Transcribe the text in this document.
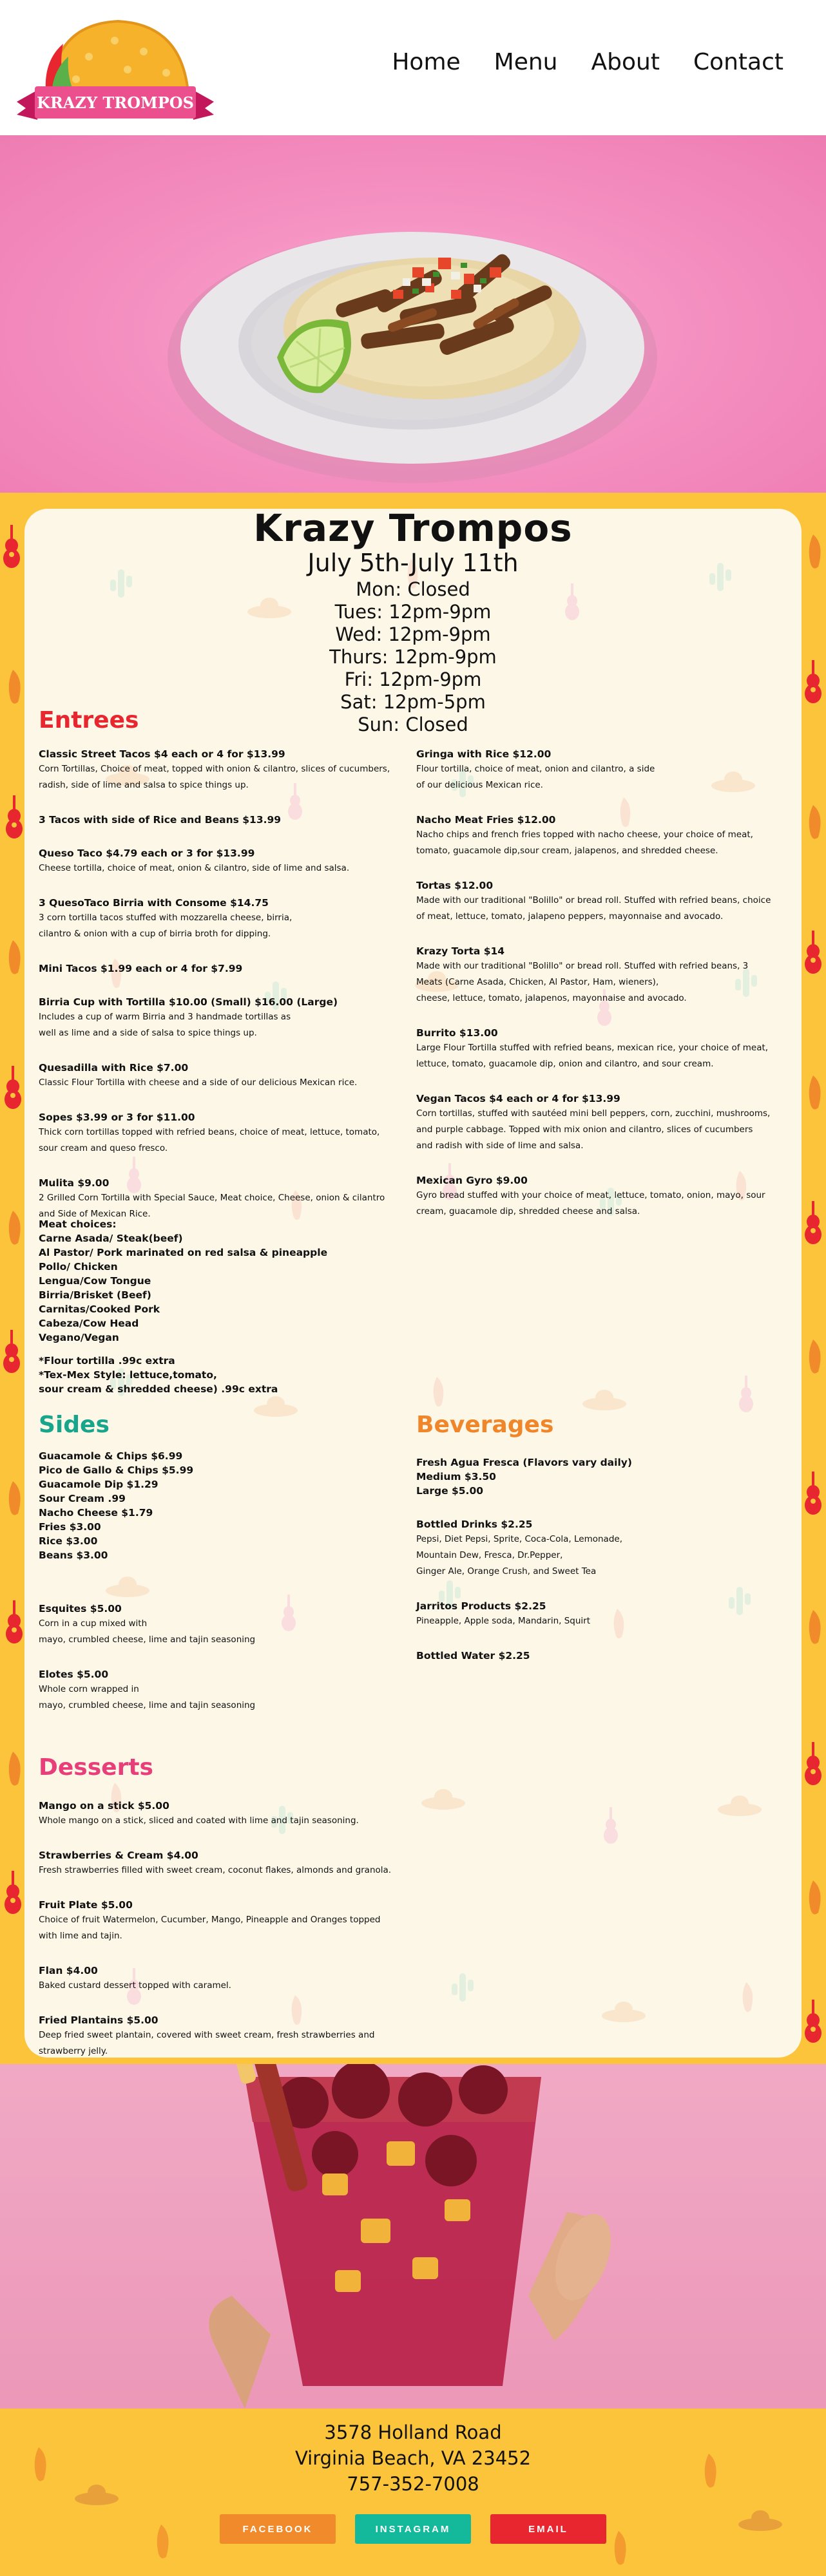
KRAZY TROMPOS
Home Menu About Contact
Krazy Trompos
July 5th-July 11th
Mon: Closed
Tues: 12pm-9pm
Wed: 12pm-9pm
Thurs: 12pm-9pm
Fri: 12pm-9pm
Sat: 12pm-5pm
Sun: Closed
Entrees
Classic Street Tacos $4 each or 4 for $13.99
Corn Tortillas, Choice of meat, topped with onion & cilantro, slices of cucumbers,
radish, side of lime and salsa to spice things up.
3 Tacos with side of Rice and Beans $13.99
Queso Taco $4.79 each or 3 for $13.99
Cheese tortilla, choice of meat, onion & cilantro, side of lime and salsa.
3 QuesoTaco Birria with Consome $14.75
3 corn tortilla tacos stuffed with mozzarella cheese, birria,
cilantro & onion with a cup of birria broth for dipping.
Mini Tacos $1.99 each or 4 for $7.99
Birria Cup with Tortilla $10.00 (Small) $16.00 (Large)
Includes a cup of warm Birria and 3 handmade tortillas as
well as lime and a side of salsa to spice things up.
Quesadilla with Rice $7.00
Classic Flour Tortilla with cheese and a side of our delicious Mexican rice.
Sopes $3.99 or 3 for $11.00
Thick corn tortillas topped with refried beans, choice of meat, lettuce, tomato,
sour cream and queso fresco.
Mulita $9.00
2 Grilled Corn Tortilla with Special Sauce, Meat choice, Cheese, onion & cilantro
and Side of Mexican Rice.
Gringa with Rice $12.00
Flour tortilla, choice of meat, onion and cilantro, a side
of our delicious Mexican rice.
Nacho Meat Fries $12.00
Nacho chips and french fries topped with nacho cheese, your choice of meat,
tomato, guacamole dip,sour cream, jalapenos, and shredded cheese.
Tortas $12.00
Made with our traditional "Bolillo" or bread roll. Stuffed with refried beans, choice
of meat, lettuce, tomato, jalapeno peppers, mayonnaise and avocado.
Krazy Torta $14
Made with our traditional "Bolillo" or bread roll. Stuffed with refried beans, 3
Meats (Carne Asada, Chicken, Al Pastor, Ham, wieners),
cheese, lettuce, tomato, jalapenos, mayonnaise and avocado.
Burrito $13.00
Large Flour Tortilla stuffed with refried beans, mexican rice, your choice of meat,
lettuce, tomato, guacamole dip, onion and cilantro, and sour cream.
Vegan Tacos $4 each or 4 for $13.99
Corn tortillas, stuffed with sautéed mini bell peppers, corn, zucchini, mushrooms,
and purple cabbage. Topped with mix onion and cilantro, slices of cucumbers
and radish with side of lime and salsa.
Mexican Gyro $9.00
Gyro bread stuffed with your choice of meat, lettuce, tomato, onion, mayo, sour
cream, guacamole dip, shredded cheese and salsa.
Meat choices:
Carne Asada/ Steak(beef)
Al Pastor/ Pork marinated on red salsa & pineapple
Pollo/ Chicken
Lengua/Cow Tongue
Birria/Brisket (Beef)
Carnitas/Cooked Pork
Cabeza/Cow Head
Vegano/Vegan
*Flour tortilla .99c extra
*Tex-Mex Style: lettuce,tomato,
sour cream & shredded cheese) .99c extra
Sides
Guacamole & Chips $6.99
Pico de Gallo & Chips $5.99
Guacamole Dip $1.29
Sour Cream .99
Nacho Cheese $1.79
Fries $3.00
Rice $3.00
Beans $3.00
Esquites $5.00
Corn in a cup mixed with
mayo, crumbled cheese, lime and tajin seasoning
Elotes $5.00
Whole corn wrapped in
mayo, crumbled cheese, lime and tajin seasoning
Beverages
Fresh Agua Fresca (Flavors vary daily)
Medium $3.50
Large $5.00
Bottled Drinks $2.25
Pepsi, Diet Pepsi, Sprite, Coca-Cola, Lemonade,
Mountain Dew, Fresca, Dr.Pepper,
Ginger Ale, Orange Crush, and Sweet Tea
Jarritos Products $2.25
Pineapple, Apple soda, Mandarin, Squirt
Bottled Water $2.25
Desserts
Mango on a stick $5.00
Whole mango on a stick, sliced and coated with lime and tajin seasoning.
Strawberries & Cream $4.00
Fresh strawberries filled with sweet cream, coconut flakes, almonds and granola.
Fruit Plate $5.00
Choice of fruit Watermelon, Cucumber, Mango, Pineapple and Oranges topped
with lime and tajin.
Flan $4.00
Baked custard dessert topped with caramel.
Fried Plantains $5.00
Deep fried sweet plantain, covered with sweet cream, fresh strawberries and
strawberry jelly.
3578 Holland Road
Virginia Beach, VA 23452
757-352-7008
FACEBOOK	INSTAGRAM	EMAIL
